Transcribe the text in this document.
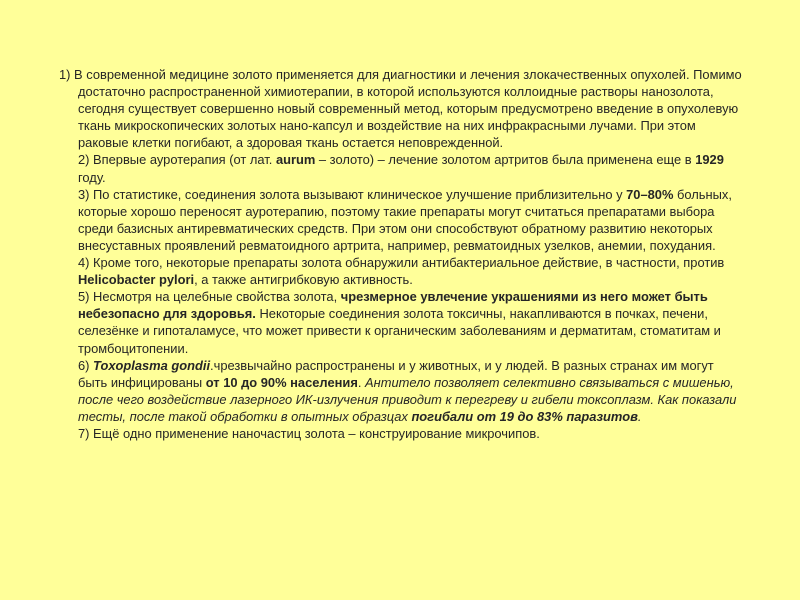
1) В современной медицине золото применяется для диагностики и лечения злокачественных опухолей. Помимо достаточно распространенной химиотерапии, в которой используются коллоидные растворы нанозолота, сегодня существует совершенно новый современный метод, которым предусмотрено введение в опухолевую ткань микроскопических золотых нано-капсул и воздействие на них инфракрасными лучами. При этом раковые клетки погибают, а здоровая ткань остается неповрежденной.

2) Впервые ауротерапия (от лат. aurum – золото) – лечение золотом артритов была применена еще в 1929 году.

3) По статистике, соединения золота вызывают клиническое улучшение приблизительно у 70–80% больных, которые хорошо переносят ауротерапию, поэтому такие препараты могут считаться препаратами выбора среди базисных антиревматических средств. При этом они способствуют обратному развитию некоторых внесуставных проявлений ревматоидного артрита, например, ревматоидных узелков, анемии, похудания.

4) Кроме того, некоторые препараты золота обнаружили антибактериальное действие, в частности, против Helicobacter pylori, а также антигрибковую активность.

5) Несмотря на целебные свойства золота, чрезмерное увлечение украшениями из него может быть небезопасно для здоровья. Некоторые соединения золота токсичны, накапливаются в почках, печени, селезёнке и гипоталамусе, что может привести к органическим заболеваниям и дерматитам, стоматитам и тромбоцитопении.

6) Toxoplasma gondii.чрезвычайно распространены и у животных, и у людей. В разных странах им могут быть инфицированы от 10 до 90% населения. Антитело позволяет селективно связываться с мишенью, после чего воздействие лазерного ИК-излучения приводит к перегреву и гибели токсоплазм. Как показали тесты, после такой обработки в опытных образцах погибали от 19 до 83% паразитов.

7) Ещё одно применение наночастиц золота – конструирование микрочипов.
